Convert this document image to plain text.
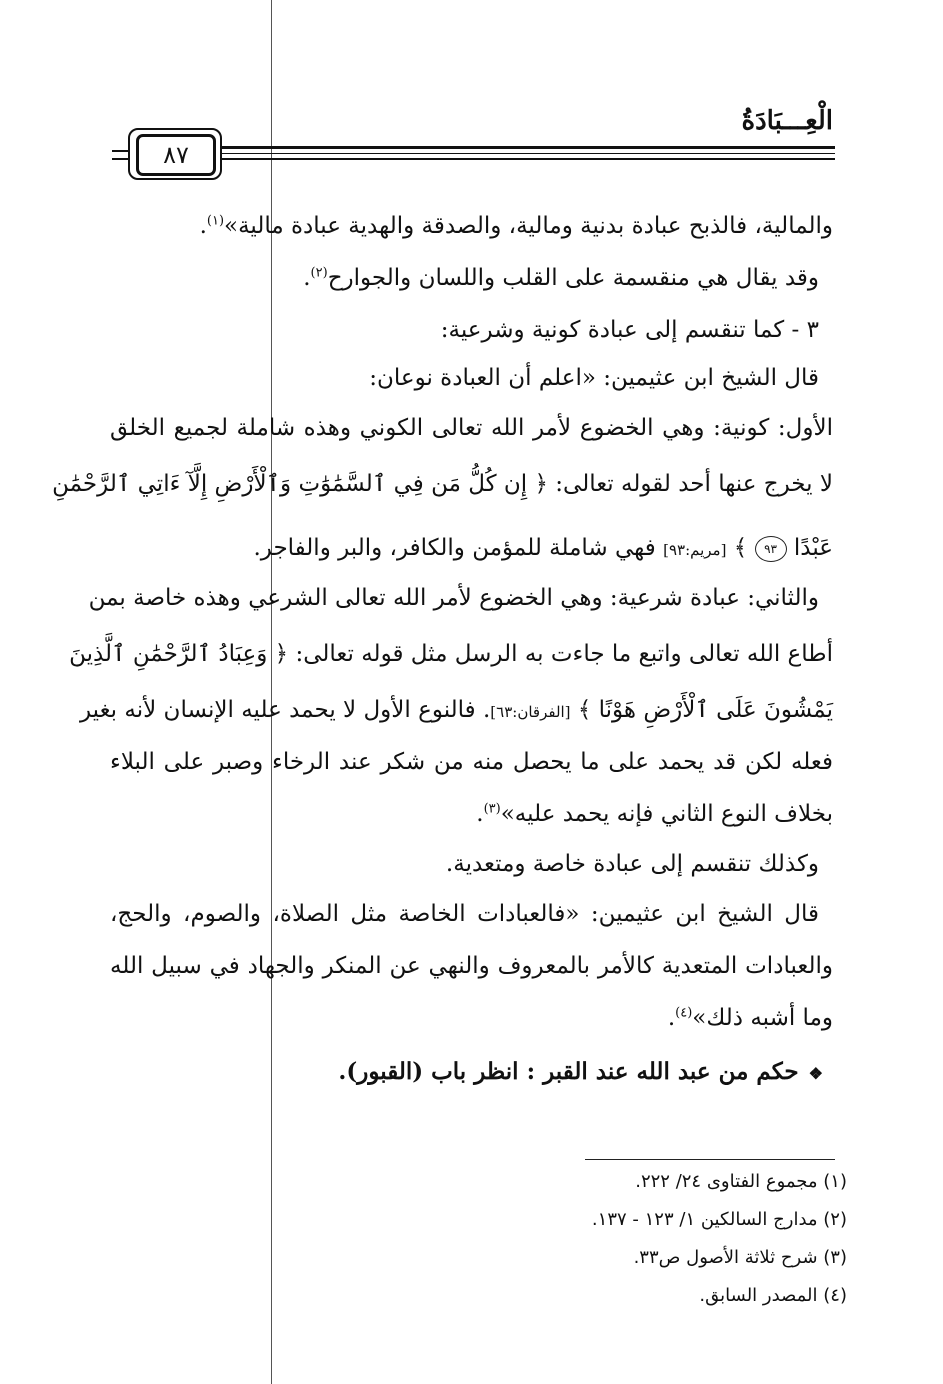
الْعِـــبَادَةُ
٨٧
والمالية، فالذبح عبادة بدنية ومالية، والصدقة والهدية عبادة مالية»$^{(١)}$.
وقد يقال هي منقسمة على القلب واللسان والجوارح$^{(٢)}$.
٣ - كما تنقسم إلى عبادة كونية وشرعية:
قال الشيخ ابن عثيمين: «اعلم أن العبادة نوعان:
الأول: كونية: وهي الخضوع لأمر الله تعالى الكوني وهذه شاملة لجميع الخلق
لا يخرج عنها أحد لقوله تعالى: ﴿ إِن كُلُّ مَن فِي ٱلسَّمَٰوَٰتِ وَٱلْأَرْضِ إِلَّآ ءَاتِي ٱلرَّحْمَٰنِ
عَبْدًا ٩٣ ﴾ [مريم:٩٣] فهي شاملة للمؤمن والكافر، والبر والفاجر.
والثاني: عبادة شرعية: وهي الخضوع لأمر الله تعالى الشرعي وهذه خاصة بمن
أطاع الله تعالى واتبع ما جاءت به الرسل مثل قوله تعالى: ﴿ وَعِبَادُ ٱلرَّحْمَٰنِ ٱلَّذِينَ
يَمْشُونَ عَلَى ٱلْأَرْضِ هَوْنًا ﴾ [الفرقان:٦٣]. فالنوع الأول لا يحمد عليه الإنسان لأنه بغير
فعله لكن قد يحمد على ما يحصل منه من شكر عند الرخاء وصبر على البلاء
بخلاف النوع الثاني فإنه يحمد عليه»$^{(٣)}$.
وكذلك تنقسم إلى عبادة خاصة ومتعدية.
قال الشيخ ابن عثيمين: «فالعبادات الخاصة مثل الصلاة، والصوم، والحج،
والعبادات المتعدية كالأمر بالمعروف والنهي عن المنكر والجهاد في سبيل الله
وما أشبه ذلك»$^{(٤)}$.
❖حكم من عبد الله عند القبر : انظر باب (القبور).
(١) مجموع الفتاوى ٢٤/ ٢٢٢.
(٢) مدارج السالكين ١/ ١٢٣ - ١٣٧.
(٣) شرح ثلاثة الأصول ص٣٣.
(٤) المصدر السابق.
